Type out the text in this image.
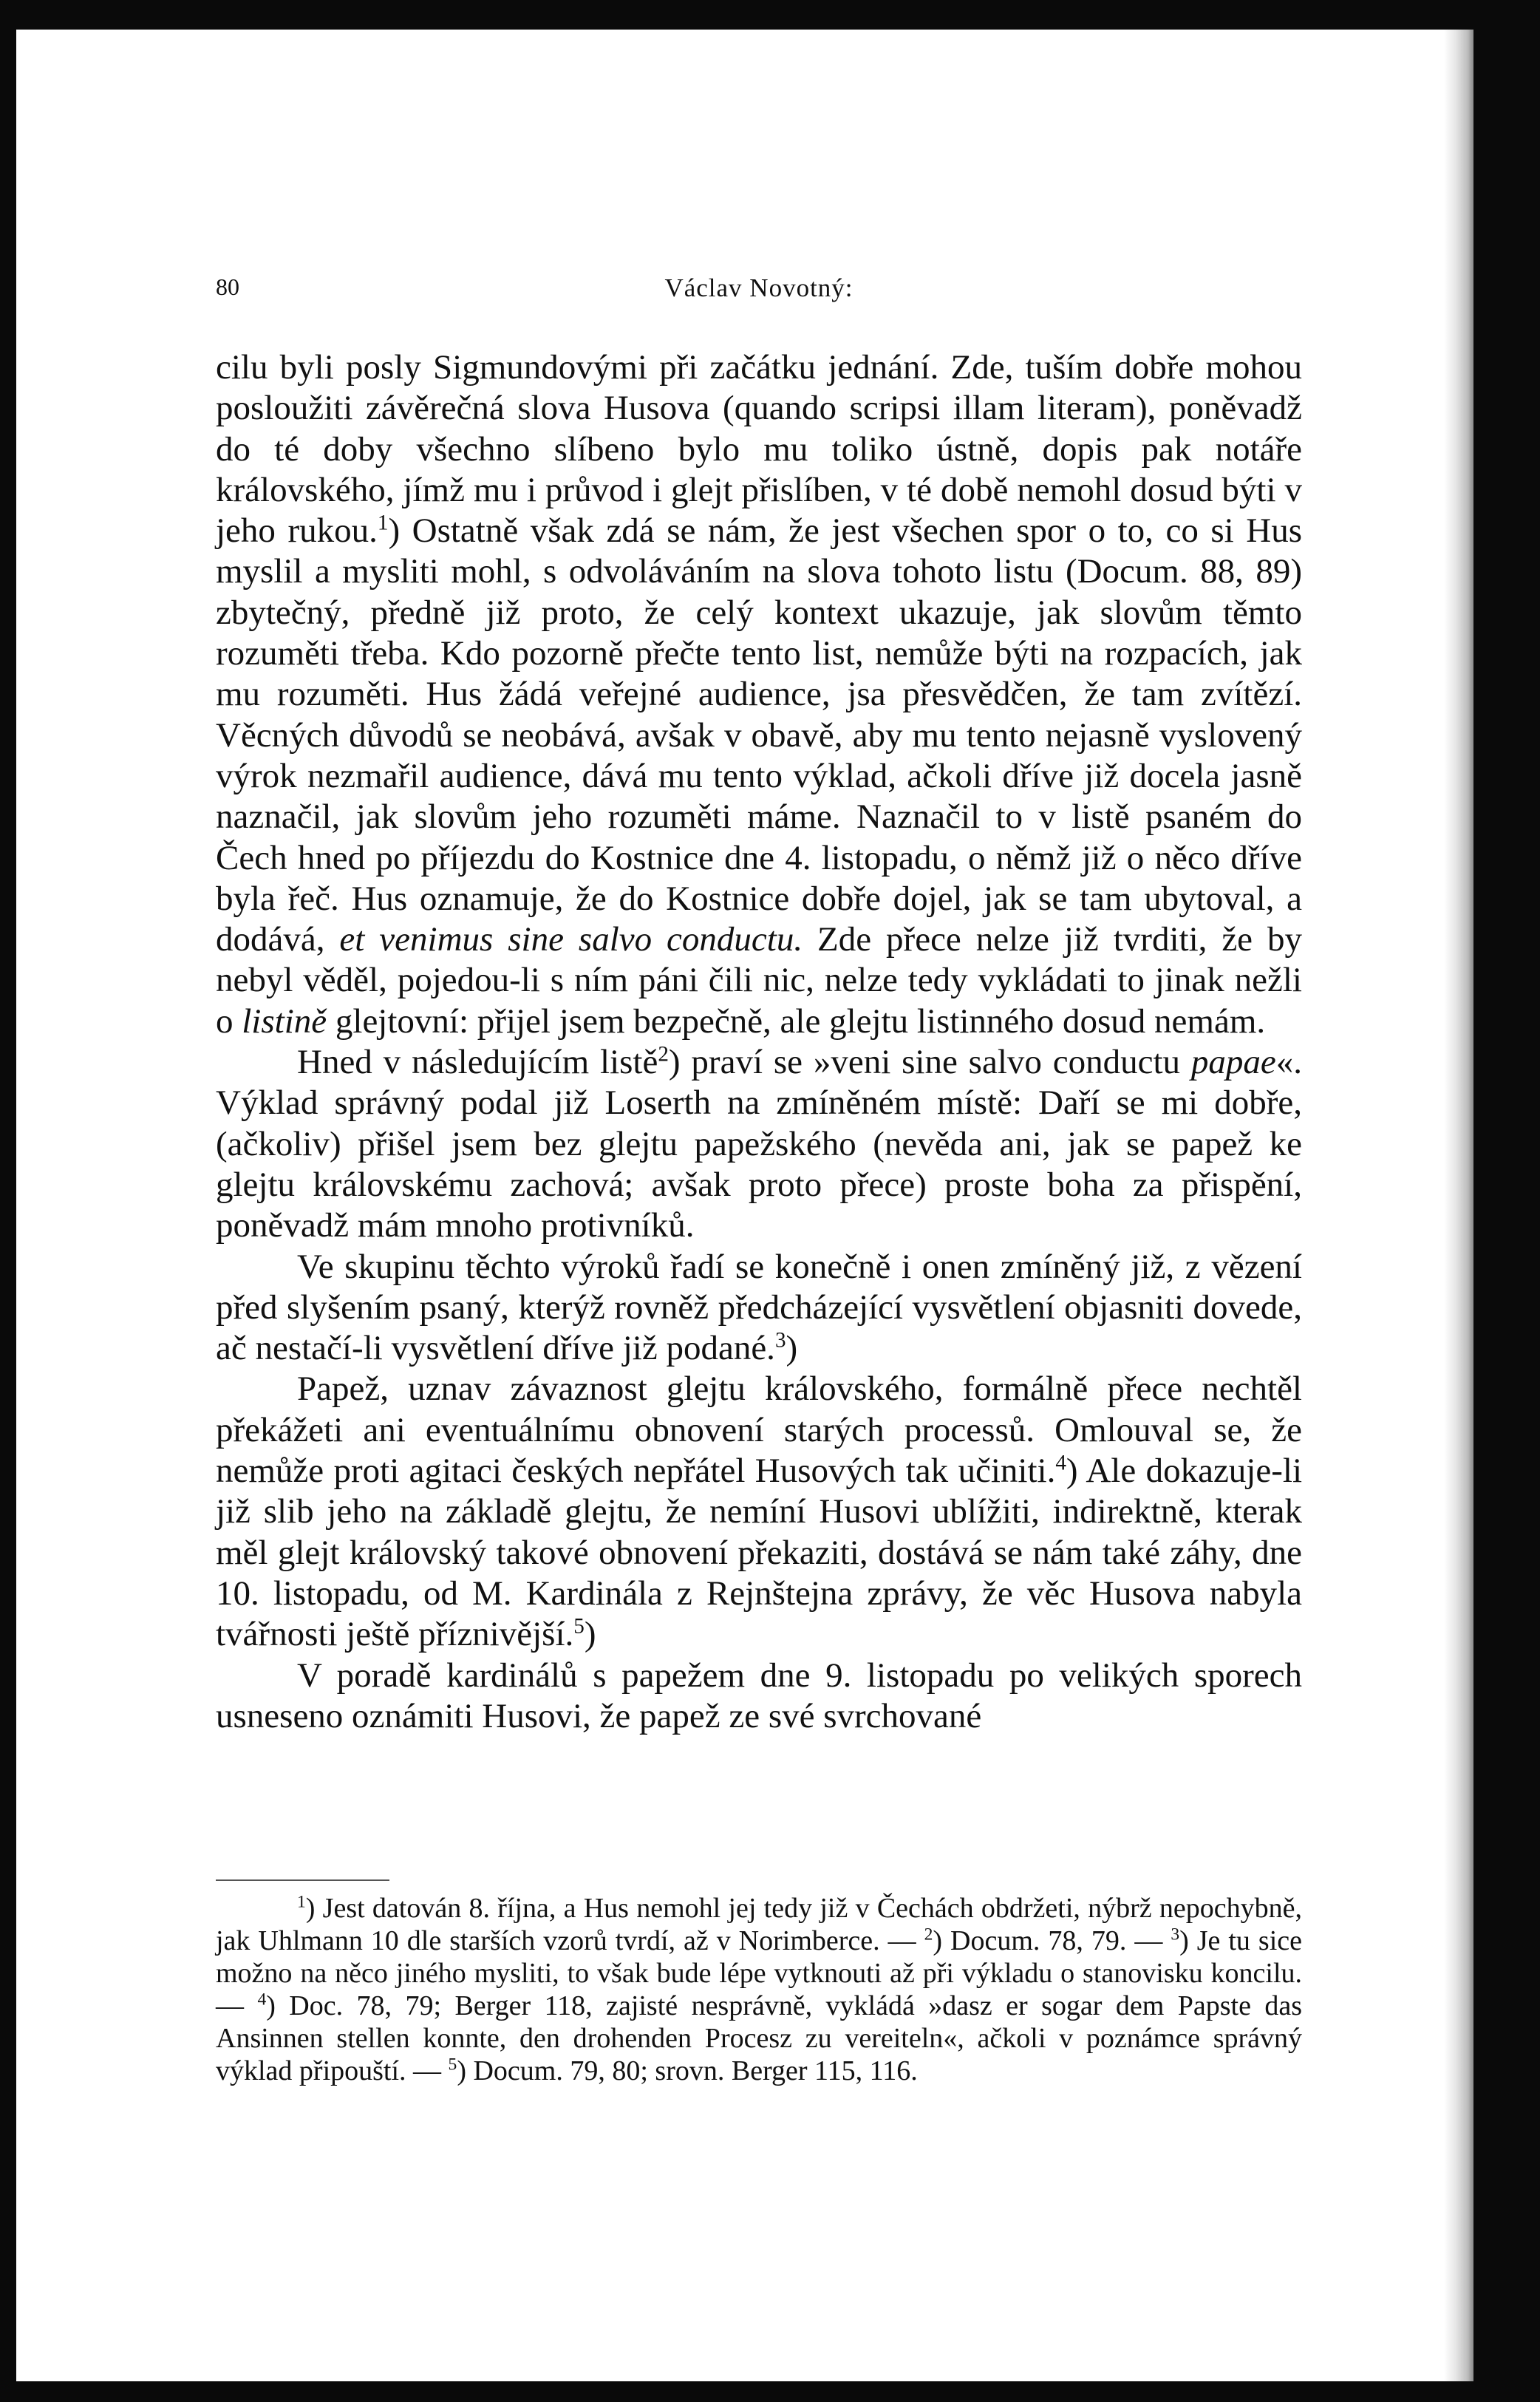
80	Václav Novotný:

cilu byli posly Sigmundovými při začátku jednání. Zde, tuším dobře mohou posloužiti závěrečná slova Husova (quando scripsi illam literam), poněvadž do té doby všechno slíbeno bylo mu toliko ústně, dopis pak notáře královského, jímž mu i průvod i glejt přislíben, v té době nemohl dosud býti v jeho rukou.$^1$) Ostatně však zdá se nám, že jest všechen spor o to, co si Hus myslil a mysliti mohl, s odvoláváním na slova tohoto listu (Docum. 88, 89) zbytečný, předně již proto, že celý kontext ukazuje, jak slovům těmto rozuměti třeba. Kdo pozorně přečte tento list, nemůže býti na rozpacích, jak mu rozuměti. Hus žádá veřejné audience, jsa přesvědčen, že tam zvítězí. Věcných důvodů se neobává, avšak v obavě, aby mu tento nejasně vyslovený výrok nezmařil audience, dává mu tento výklad, ačkoli dříve již docela jasně naznačil, jak slovům jeho rozuměti máme. Naznačil to v listě psaném do Čech hned po příjezdu do Kostnice dne 4. listopadu, o němž již o něco dříve byla řeč. Hus oznamuje, že do Kostnice dobře dojel, jak se tam ubytoval, a dodává, et venimus sine salvo conductu. Zde přece nelze již tvrditi, že by nebyl věděl, pojedou-li s ním páni čili nic, nelze tedy vykládati to jinak nežli o listině glejtovní: přijel jsem bezpečně, ale glejtu listinného dosud nemám.

Hned v následujícím listě$^2$) praví se »veni sine salvo conductu papae«. Výklad správný podal již Loserth na zmíněném místě: Daří se mi dobře, (ačkoliv) přišel jsem bez glejtu papežského (nevěda ani, jak se papež ke glejtu královskému zachová; avšak proto přece) proste boha za přispění, poněvadž mám mnoho protivníků.

Ve skupinu těchto výroků řadí se konečně i onen zmíněný již, z vězení před slyšením psaný, kterýž rovněž předcházející vysvětlení objasniti dovede, ač nestačí-li vysvětlení dříve již podané.$^3$)

Papež, uznav závaznost glejtu královského, formálně přece nechtěl překážeti ani eventuálnímu obnovení starých processů. Omlouval se, že nemůže proti agitaci českých nepřátel Husových tak učiniti.$^4$) Ale dokazuje-li již slib jeho na základě glejtu, že nemíní Husovi ublížiti, indirektně, kterak měl glejt královský takové obnovení překaziti, dostává se nám také záhy, dne 10. listopadu, od M. Kardinála z Rejnštejna zprávy, že věc Husova nabyla tvářnosti ještě příznivější.$^5$)

V poradě kardinálů s papežem dne 9. listopadu po velikých sporech usneseno oznámiti Husovi, že papež ze své svrchované

$^1$) Jest datován 8. října, a Hus nemohl jej tedy již v Čechách obdržeti, nýbrž nepochybně, jak Uhlmann 10 dle starších vzorů tvrdí, až v Norimberce. — $^2$) Docum. 78, 79. — $^3$) Je tu sice možno na něco jiného mysliti, to však bude lépe vytknouti až při výkladu o stanovisku koncilu. — $^4$) Doc. 78, 79; Berger 118, zajisté nesprávně, vykládá »dasz er sogar dem Papste das Ansinnen stellen konnte, den drohenden Procesz zu vereiteln«, ačkoli v poznámce správný výklad připouští. — $^5$) Docum. 79, 80; srovn. Berger 115, 116.
